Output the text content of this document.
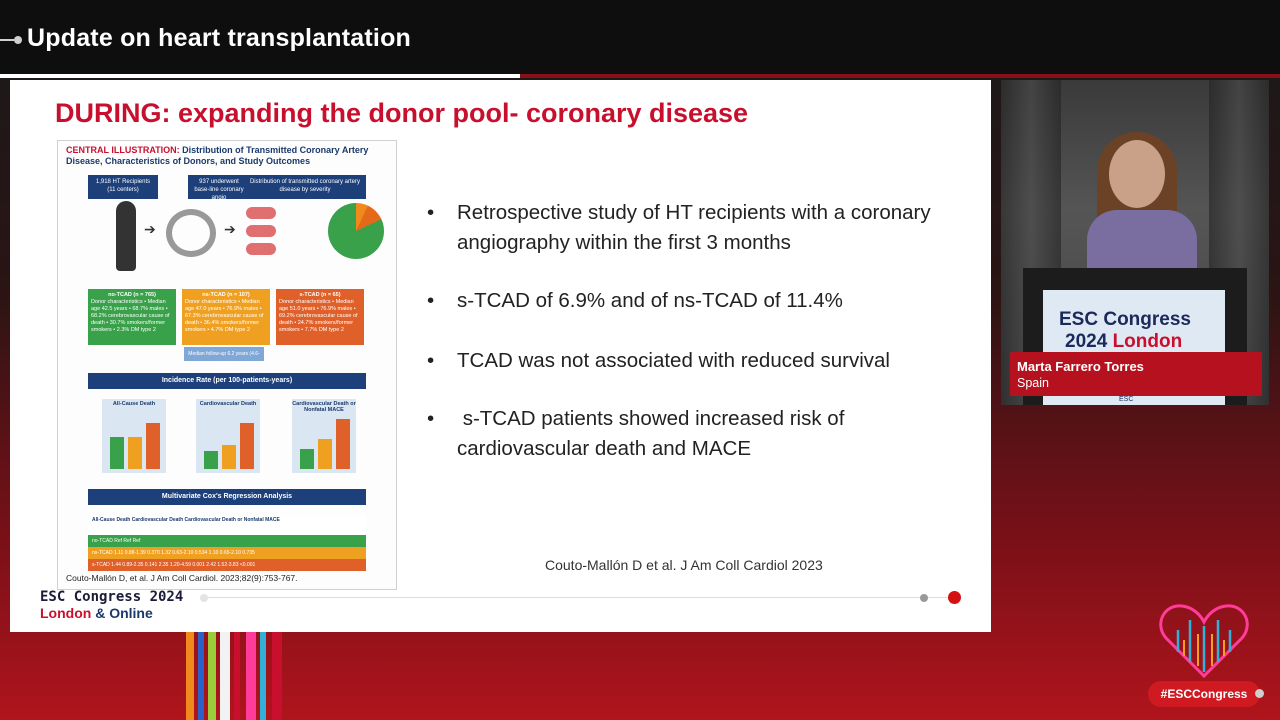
Update on heart transplantation
DURING: expanding the donor pool- coronary disease
CENTRAL ILLUSTRATION: Distribution of Transmitted Coronary Artery Disease, Characteristics of Donors, and Study Outcomes
1,918 HT Recipients (11 centers)
937 underwent base-line coronary angio
Distribution of transmitted coronary artery disease by severity
➔	➔
no-TCAD (n = 765)
Donor characteristics • Median age 42.5 years • 68.7% males • 68.2% cerebrovascular cause of death • 30.7% smokers/former smokers • 2.3% DM type 2
ns-TCAD (n = 107)
Donor characteristics • Median age 47.0 years • 76.9% males • 67.3% cerebrovascular cause of death • 36.4% smokers/former smokers • 4.7% DM type 2
s-TCAD (n = 65)
Donor characteristics • Median age 51.0 years • 76.9% males • 69.2% cerebrovascular cause of death • 24.7% smokers/former smokers • 7.7% DM type 2
Median follow-up 6.2 years (4.6-9.3)
Incidence Rate (per 100-patients-years)
All-Cause Death	Cardiovascular Death	Cardiovascular Death or Nonfatal MACE
Multivariate Cox's Regression Analysis
All-Cause Death Cardiovascular Death Cardiovascular Death or Nonfatal MACE
no-TCAD Ref Ref Ref
ns-TCAD 1.11 0.88-1.39 0.370 1.32 0.63-2.10 0.534 1.10 0.65-2.10 0.735
s-TCAD 1.44 0.89-2.35 0.141 2.35 1.20-4.59 0.001 2.42 1.52-3.83 <0.001
Couto-Mallón D, et al. J Am Coll Cardiol. 2023;82(9):753-767.
• Retrospective study of HT recipients with a coronary angiography within the first 3 months
• s-TCAD of 6.9% and of ns-TCAD of 11.4%
• TCAD was not associated with reduced survival
•  s-TCAD patients showed increased risk of cardiovascular death and MACE
Couto-Mallón D et al. J Am Coll Cardiol 2023
ESC Congress 2024
London & Online
ESC Congress
2024 London
ESC
Marta Farrero Torres
Spain
#ESCCongress
